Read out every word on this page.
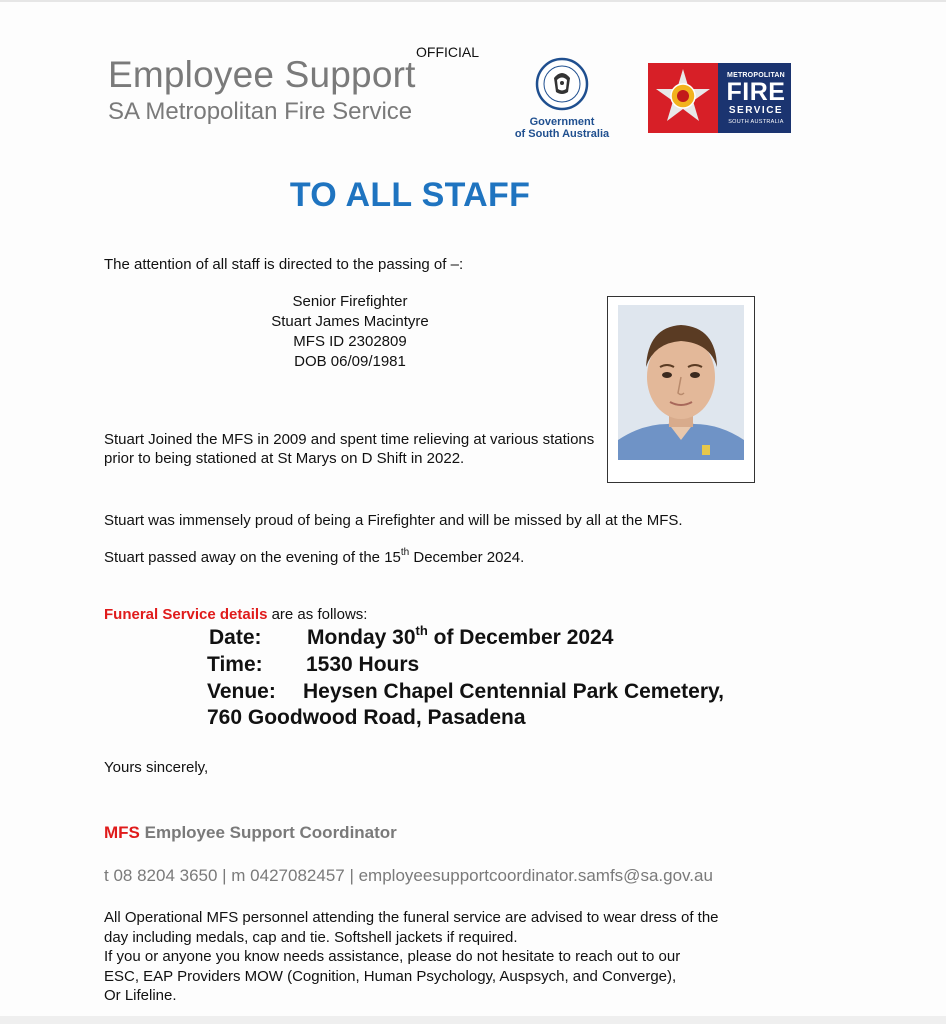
OFFICIAL
Employee Support
SA Metropolitan Fire Service	Government
of South Australia
METROPOLITAN
FIRE
SERVICE
SOUTH AUSTRALIA
TO ALL STAFF
The attention of all staff is directed to the passing of –:
Senior Firefighter
Stuart James Macintyre
MFS ID 2302809
DOB 06/09/1981
Stuart Joined the MFS in 2009 and spent time relieving at various stations prior to being stationed at St Marys on D Shift in 2022.
Stuart was immensely proud of being a Firefighter and will be missed by all at the MFS.
Stuart passed away on the evening of the 15th December 2024.
Funeral Service details are as follows:
Date: Monday 30th of December 2024
Time: 1530 Hours
Venue: Heysen Chapel Centennial Park Cemetery,
760 Goodwood Road, Pasadena
Yours sincerely,
MFS Employee Support Coordinator
t 08 8204 3650 | m 0427082457 | employeesupportcoordinator.samfs@sa.gov.au
All Operational MFS personnel attending the funeral service are advised to wear dress of the
day including medals, cap and tie. Softshell jackets if required.
If you or anyone you know needs assistance, please do not hesitate to reach out to our
ESC, EAP Providers MOW (Cognition, Human Psychology, Auspsych, and Converge),
Or Lifeline.
